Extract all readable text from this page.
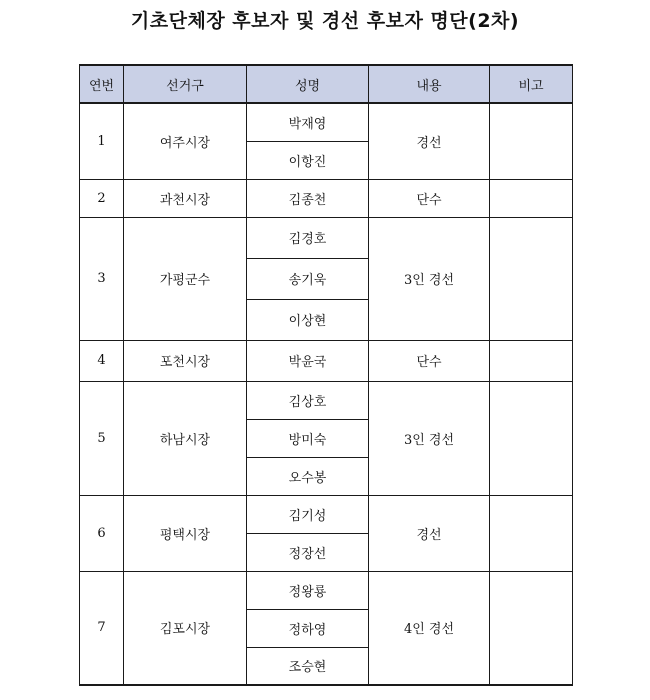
기초단체장 후보자 및 경선 후보자 명단(2차)
연번	선거구	성명	내용	비고
1	여주시장	박재영	경선	
		이항진		
2	과천시장	김종천	단수	
3	가평군수	김경호	3인 경선	
		송기욱		
		이상현		
4	포천시장	박윤국	단수	
5	하남시장	김상호	3인 경선	
		방미숙		
		오수봉		
6	평택시장	김기성	경선	
		정장선		
7	김포시장	정왕룡	4인 경선	
		정하영		
		조승현		
